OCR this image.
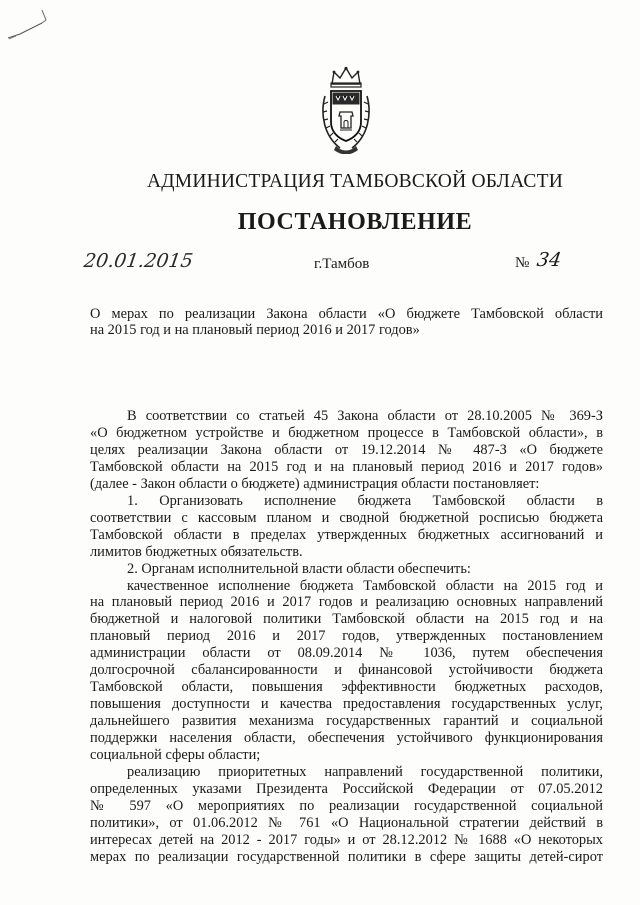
АДМИНИСТРАЦИЯ ТАМБОВСКОЙ ОБЛАСТИ
ПОСТАНОВЛЕНИЕ
20.01.2015	г.Тамбов	№ 34
О мерах по реализации Закона области «О бюджете Тамбовской области
на 2015 год и на плановый период 2016 и 2017 годов»
В соответствии со статьей 45 Закона области от 28.10.2005 № 369-З
«О бюджетном устройстве и бюджетном процессе в Тамбовской области», в
целях реализации Закона области от 19.12.2014 № 487-З «О бюджете
Тамбовской области на 2015 год и на плановый период 2016 и 2017 годов»
(далее - Закон области о бюджете) администрация области постановляет:
1. Организовать исполнение бюджета Тамбовской области в
соответствии с кассовым планом и сводной бюджетной росписью бюджета
Тамбовской области в пределах утвержденных бюджетных ассигнований и
лимитов бюджетных обязательств.
2. Органам исполнительной власти области обеспечить:
качественное исполнение бюджета Тамбовской области на 2015 год и
на плановый период 2016 и 2017 годов и реализацию основных направлений
бюджетной и налоговой политики Тамбовской области на 2015 год и на
плановый период 2016 и 2017 годов, утвержденных постановлением
администрации области от 08.09.2014 № 1036, путем обеспечения
долгосрочной сбалансированности и финансовой устойчивости бюджета
Тамбовской области, повышения эффективности бюджетных расходов,
повышения доступности и качества предоставления государственных услуг,
дальнейшего развития механизма государственных гарантий и социальной
поддержки населения области, обеспечения устойчивого функционирования
социальной сферы области;
реализацию приоритетных направлений государственной политики,
определенных указами Президента Российской Федерации от 07.05.2012
№ 597 «О мероприятиях по реализации государственной социальной
политики», от 01.06.2012 № 761 «О Национальной стратегии действий в
интересах детей на 2012 - 2017 годы» и от 28.12.2012 № 1688 «О некоторых
мерах по реализации государственной политики в сфере защиты детей-сирот
